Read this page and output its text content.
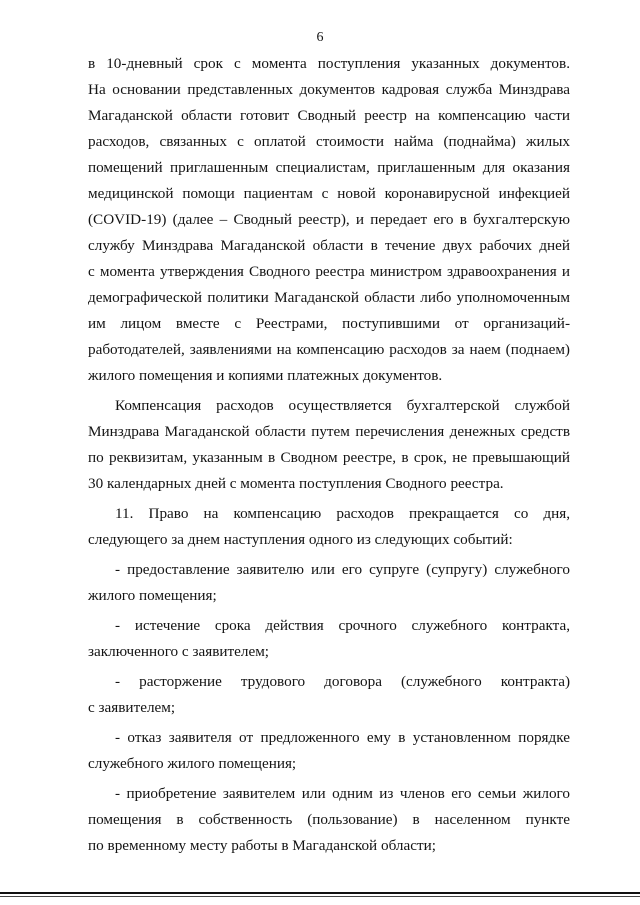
6
в 10-дневный срок с момента поступления указанных документов.
На основании представленных документов кадровая служба Минздрава
Магаданской области готовит Сводный реестр на компенсацию части
расходов, связанных с оплатой стоимости найма (поднайма) жилых
помещений приглашенным специалистам, приглашенным для оказания
медицинской помощи пациентам с новой коронавирусной инфекцией
(COVID-19) (далее – Сводный реестр), и передает его в бухгалтерскую
службу Минздрава Магаданской области в течение двух рабочих дней
с момента утверждения Сводного реестра министром здравоохранения и
демографической политики Магаданской области либо уполномоченным
им лицом вместе с Реестрами, поступившими от организаций-
работодателей, заявлениями на компенсацию расходов за наем (поднаем)
жилого помещения и копиями платежных документов.
Компенсация расходов осуществляется бухгалтерской службой
Минздрава Магаданской области путем перечисления денежных средств
по реквизитам, указанным в Сводном реестре, в срок, не превышающий
30 календарных дней с момента поступления Сводного реестра.
11. Право на компенсацию расходов прекращается со дня,
следующего за днем наступления одного из следующих событий:
- предоставление заявителю или его супруге (супругу) служебного
жилого помещения;
- истечение срока действия срочного служебного контракта,
заключенного с заявителем;
- расторжение трудового договора (служебного контракта)
с заявителем;
- отказ заявителя от предложенного ему в установленном порядке
служебного жилого помещения;
- приобретение заявителем или одним из членов его семьи жилого
помещения в собственность (пользование) в населенном пункте
по временному месту работы в Магаданской области;
